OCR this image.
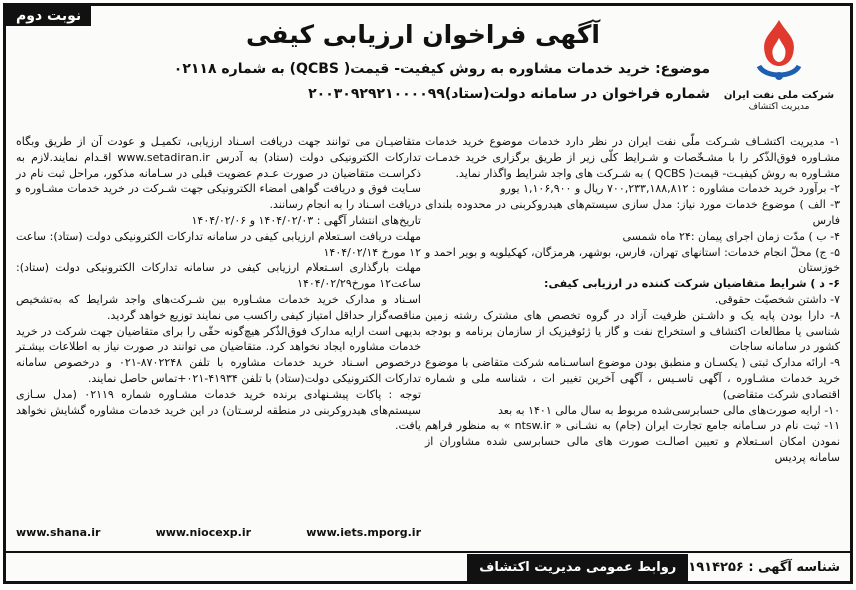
نوبت دوم
شرکت ملی نفت ایران
مدیریت اکتشاف
آگهی فراخوان ارزیابی کیفی
موضوع: خرید خدمات مشاوره به روش کیفیت- قیمت( QCBS) به شماره ۰۲۱۱۸
شماره فراخوان در سامانه دولت(ستاد)۲۰۰۳۰۹۲۹۲۱۰۰۰۰۹۹

۱- مدیریت اکتشـاف شـرکت ملّی نفت ایران در نظر دارد خدمات موضوع خرید خدمات مشـاوره فوق‌الذّکر را با مشـخّصات و شـرایط کلّی زیر از طریق برگزاری خرید خدمـات مشـاوره به روش کیفیـت- قیمت( QCBS ) به شـرکت های واجد شرایط واگذار نماید.

۲- برآورد خرید خدمات مشاوره : ۷۰۰,۲۳۳,۱۸۸,۸۱۲ ریال و ۱,۱۰۶,۹۰۰ یورو

۳- الف ) موضوع خدمات مورد نیاز: مدل سازی سیستم‌های هیدروکربنی در محدوده بلندای فارس

۴- ب ) مدّت زمان اجرای پیمان :۲۴ ماه شمسی

۵- ج) محلّ انجام خدمات: استانهای تهران، فارس، بوشهر، هرمزگان، کهکیلویه و بویر احمد و خوزستان

۶- د ) شرایط متقاضیان شرکت کننده در ارزیابی کیفی:

۷- داشتن شخصیّت حقوقی.

۸- دارا بودن پایه یک و داشـتن ظرفیت آزاد در گروه تخصص های مشترک رشته زمین شناسی یا مطالعات اکتشاف و استخراج نفت و گاز یا ژئوفیزیک از سازمان برنامه و بودجه کشور در سامانه ساجات

۹- ارائه مدارک ثبتی ( یکسـان و منطبق بودن موضوع اساسـنامه شرکت متقاضی با موضوع خرید خدمات مشـاوره ، آگهی تاسـیس ، آگهی آخرین تغییر ات ، شناسه ملی و شماره اقتصادی شرکت متقاضی)

۱۰- ارایه صورت‌های مالی حسابرسی‌شده مربوط به سال مالی ۱۴۰۱ به بعد

۱۱- ثبت نام در سـامانه جامع تجارت ایران (جام) به نشـانی « ntsw.ir » به منظور فراهم نمودن امکان اسـتعلام و تعیین اصالـت صورت های مالی حسابرسی شده مشاوران از سامانه پردیس

متقاضیـان می توانند جهت دریافت اسـناد ارزیابی، تکمیـل و عودت آن از طریق وبگاه تدارکات الکترونیکی دولت (ستاد) به آدرس www.setadiran.ir اقـدام نمایند.لازم به ذکراسـت متقاضیان در صورت عـدم عضویت قبلی در سـامانه مذکور، مراحل ثبت نام در سـایت فوق و دریافت گواهی امضاء الکترونیکی جهت شـرکت در خرید خدمات مشـاوره و دریافت اسـناد را به انجام رسانند.

تاریخ‌های انتشار آگهی : ۱۴۰۴/۰۲/۰۳ و ۱۴۰۴/۰۲/۰۶

مهلت دریافت اسـتعلام ارزیابی کیفی در سامانه تدارکات الکترونیکی دولت (ستاد): ساعت ۱۲ مورخ ۱۴۰۴/۰۲/۱۴

مهلت بارگذاری اسـتعلام ارزیابی کیفی در سامانه تدارکات الکترونیکی دولت (ستاد): ساعت۱۲ مورخ۱۴۰۴/۰۲/۲۹

اسـناد و مدارک خرید خدمات مشـاوره بین شـرکت‌های واجد شرایط که به‌تشخیص مناقصه‌گزار حداقل امتیاز کیفی راکسب می نمایند توزیع خواهد گردید.

بدیهی است ارایه مدارک فوق‌الذّکر هیچ‌گونه حقّی را برای متقاضیان جهت شرکت در خرید خدمات مشاوره ایجاد نخواهد کرد. متقاضیان می توانند در صورت نیاز به اطلاعات بیشـتر درخصوص اسـناد خرید خدمات مشاوره با تلفن ۸۷۰۲۲۴۸-۰۲۱ و درخصوص سامانه تدارکات الکترونیکی دولت(ستاد) با تلفن ۴۱۹۳۴-۰۲۱+تماس حاصل نمایند.

توجه : پاکات پیشـنهادی برنده خرید خدمات مشـاوره شماره ۰۲۱۱۹ (مدل سـازی سیستم‌های هیدروکربنی در منطقه لرسـتان) در این خرید خدمات مشاوره گشایش نخواهد یافت.

www.shana.ir	www.niocexp.ir	www.iets.mporg.ir
شناسه آگهی : ۱۹۱۴۲۵۶
روابط عمومی مدیریت اکتشاف
